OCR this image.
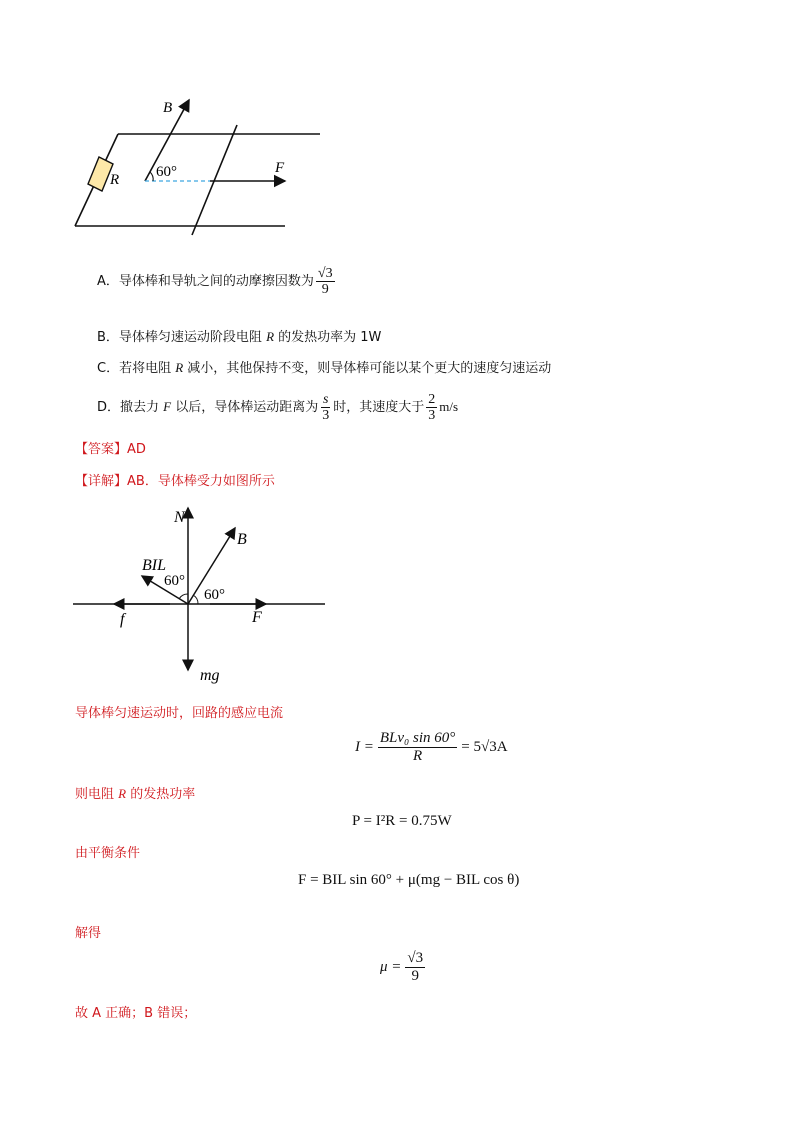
B
R 60°	F
A．导体棒和导轨之间的动摩擦因数为 $\frac{√3}{9}$
B．导体棒匀速运动阶段电阻 R 的发热功率为 1W
C．若将电阻 R 减小，其他保持不变，则导体棒可能以某个更大的速度匀速运动
D．撤去力 F 以后，导体棒运动距离为 $\frac{s}{3}$ 时，其速度大于 $\frac{2}{3} m/s$
【答案】AD
【详解】AB．导体棒受力如图所示
N
B
BIL
60°
60°
f	F
mg
导体棒匀速运动时，回路的感应电流
$I = \frac{\text{BLv₀ sin 60°}}{R} = 5√3A$
则电阻 R 的发热功率
P = I²R = 0.75W
由平衡条件
F = BIL sin 60° + μ(mg − BIL cos θ)
解得
$\mu = \frac{√3}{9}$
故 A 正确；B 错误；
